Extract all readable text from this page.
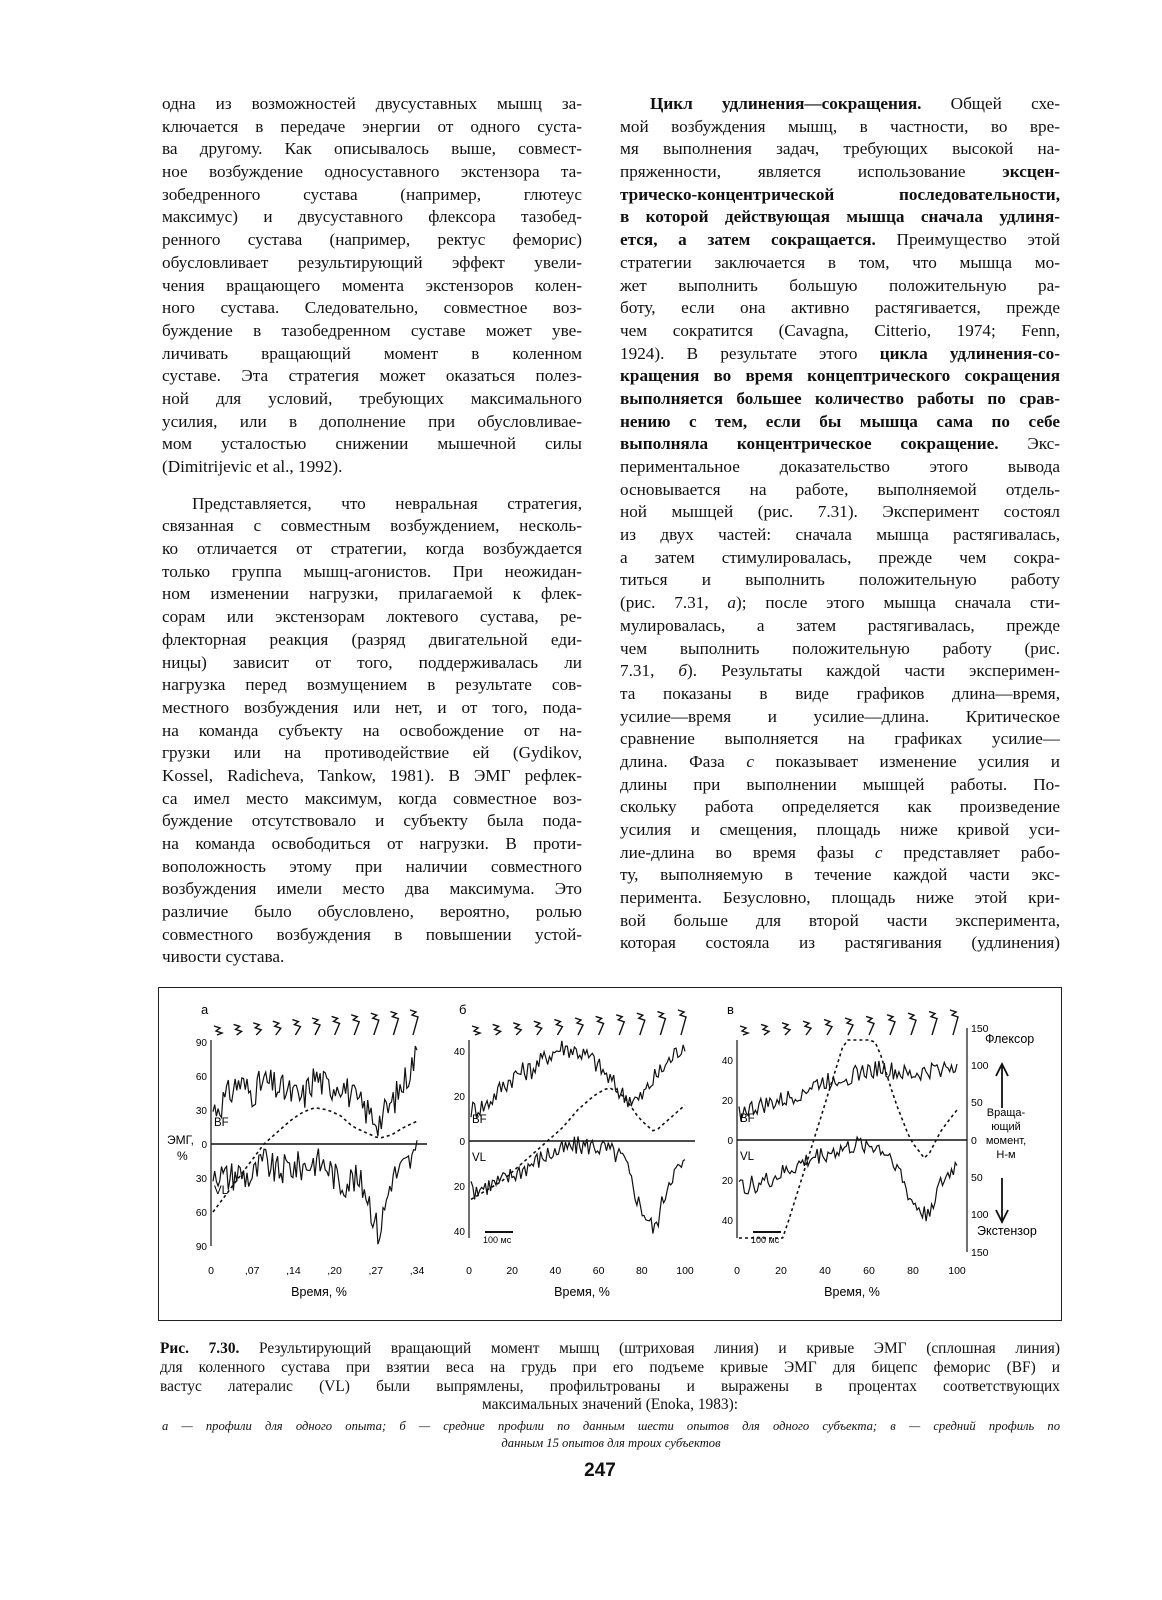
одна из возможностей двусуставных мышц за-
ключается в передаче энергии от одного суста-
ва другому. Как описывалось выше, совмест-
ное возбуждение односуставного экстензора та-
зобедренного сустава (например, глютеус
максимус) и двусуставного флексора тазобед-
ренного сустава (например, ректус феморис)
обусловливает результирующий эффект увели-
чения вращающего момента экстензоров колен-
ного сустава. Следовательно, совместное воз-
буждение в тазобедренном суставе может уве-
личивать вращающий момент в коленном
суставе. Эта стратегия может оказаться полез-
ной для условий, требующих максимального
усилия, или в дополнение при обусловливае-
мом усталостью снижении мышечной силы
(Dimitrijevic et al., 1992).
Представляется, что невральная стратегия,
связанная с совместным возбуждением, несколь-
ко отличается от стратегии, когда возбуждается
только группа мышц-агонистов. При неожидан-
ном изменении нагрузки, прилагаемой к флек-
сорам или экстензорам локтевого сустава, ре-
флекторная реакция (разряд двигательной еди-
ницы) зависит от того, поддерживалась ли
нагрузка перед возмущением в результате сов-
местного возбуждения или нет, и от того, пода-
на команда субъекту на освобождение от на-
грузки или на противодействие ей (Gydikov,
Kossel, Radicheva, Tankow, 1981). В ЭМГ рефлек-
са имел место максимум, когда совместное воз-
буждение отсутствовало и субъекту была пода-
на команда освободиться от нагрузки. В проти-
воположность этому при наличии совместного
возбуждения имели место два максимума. Это
различие было обусловлено, вероятно, ролью
совместного возбуждения в повышении устой-
чивости сустава.
Цикл удлинения—сокращения. Общей схе-
мой возбуждения мышц, в частности, во вре-
мя выполнения задач, требующих высокой на-
пряженности, является использование эксцен-
трическо-концентрической последовательности,
в которой действующая мышца сначала удлиня-
ется, а затем сокращается. Преимущество этой
стратегии заключается в том, что мышца мо-
жет выполнить большую положительную ра-
боту, если она активно растягивается, прежде
чем сократится (Cavagna, Citterio, 1974; Fenn,
1924). В результате этого цикла удлинения-со-
кращения во время концептрического сокращения
выполняется большее количество работы по срав-
нению с тем, если бы мышца сама по себе
выполняла концентрическое сокращение. Экс-
периментальное доказательство этого вывода
основывается на работе, выполняемой отдель-
ной мышцей (рис. 7.31). Эксперимент состоял
из двух частей: сначала мышца растягивалась,
а затем стимулировалась, прежде чем сокра-
титься и выполнить положительную работу
(рис. 7.31, а); после этого мышца сначала сти-
мулировалась, а затем растягивалась, прежде
чем выполнить положительную работу (рис.
7.31, б). Результаты каждой части эксперимен-
та показаны в виде графиков длина—время,
усилие—время и усилие—длина. Критическое
сравнение выполняется на графиках усилие—
длина. Фаза с показывает изменение усилия и
длины при выполнении мышцей работы. По-
скольку работа определяется как произведение
усилия и смещения, площадь ниже кривой уси-
лие-длина во время фазы с представляет рабо-
ту, выполняемую в течение каждой части экс-
перимента. Безусловно, площадь ниже этой кри-
вой больше для второй части эксперимента,
которая состояла из растягивания (удлинения)
а
90
60
30
0
30
60
90
0	,07	,14	,20	,27	,34
Время, %
BF
VL
б
40
20
0
20
40
0	20	40	60	80	100
Время, %
BF
VL
100 мс
в
40
20
0
20
40
0	20	40	60	80	100
Время, %
BF
VL
100 мс
ЭМГ,
%
150
100
50
0
50
100
150
Флексор
Экстензор
Враща-
ющий
момент,
Н-м
Рис. 7.30. Результирующий вращающий момент мышц (штриховая линия) и кривые ЭМГ (сплошная линия)
для коленного сустава при взятии веса на грудь при его подъеме кривые ЭМГ для бицепс феморис (BF) и
вастус латералис (VL) были выпрямлены, профильтрованы и выражены в процентах соответствующих
максимальных значений (Enoka, 1983):
а — профили для одного опыта; б — средние профили по данным шести опытов для одного субъекта; в — средний профиль по
данным 15 опытов для троих субъектов
247
